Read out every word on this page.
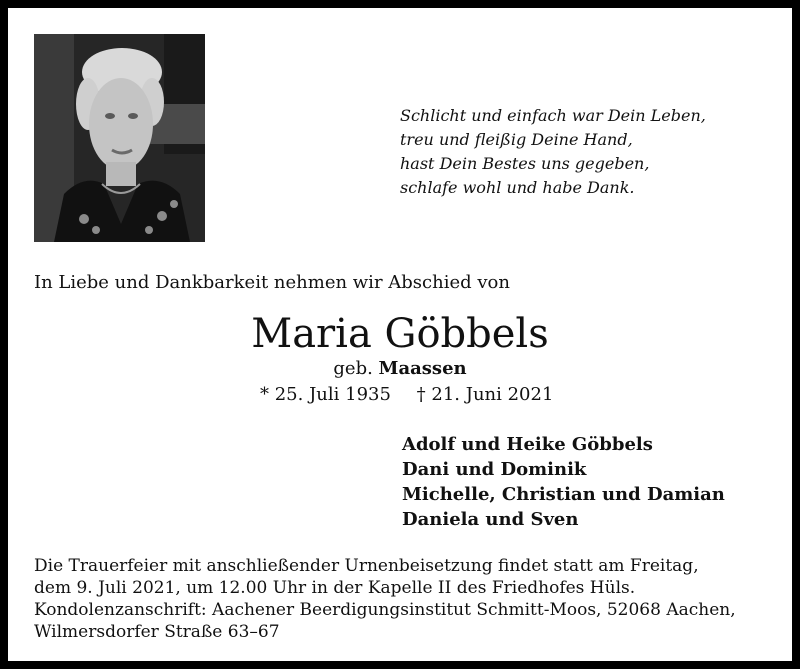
Schlicht und einfach war Dein Leben,
treu und fleißig Deine Hand,
hast Dein Bestes uns gegeben,
schlafe wohl und habe Dank.
In Liebe und Dankbarkeit nehmen wir Abschied von
Maria Göbbels
geb. Maassen
* 25. Juli 1935 † 21. Juni 2021
Adolf und Heike Göbbels
Dani und Dominik
Michelle, Christian und Damian
Daniela und Sven
Die Trauerfeier mit anschließender Urnenbeisetzung findet statt am Freitag,
dem 9. Juli 2021, um 12.00 Uhr in der Kapelle II des Friedhofes Hüls.
Kondolenzanschrift: Aachener Beerdigungsinstitut Schmitt-Moos, 52068 Aachen,
Wilmersdorfer Straße 63–67
